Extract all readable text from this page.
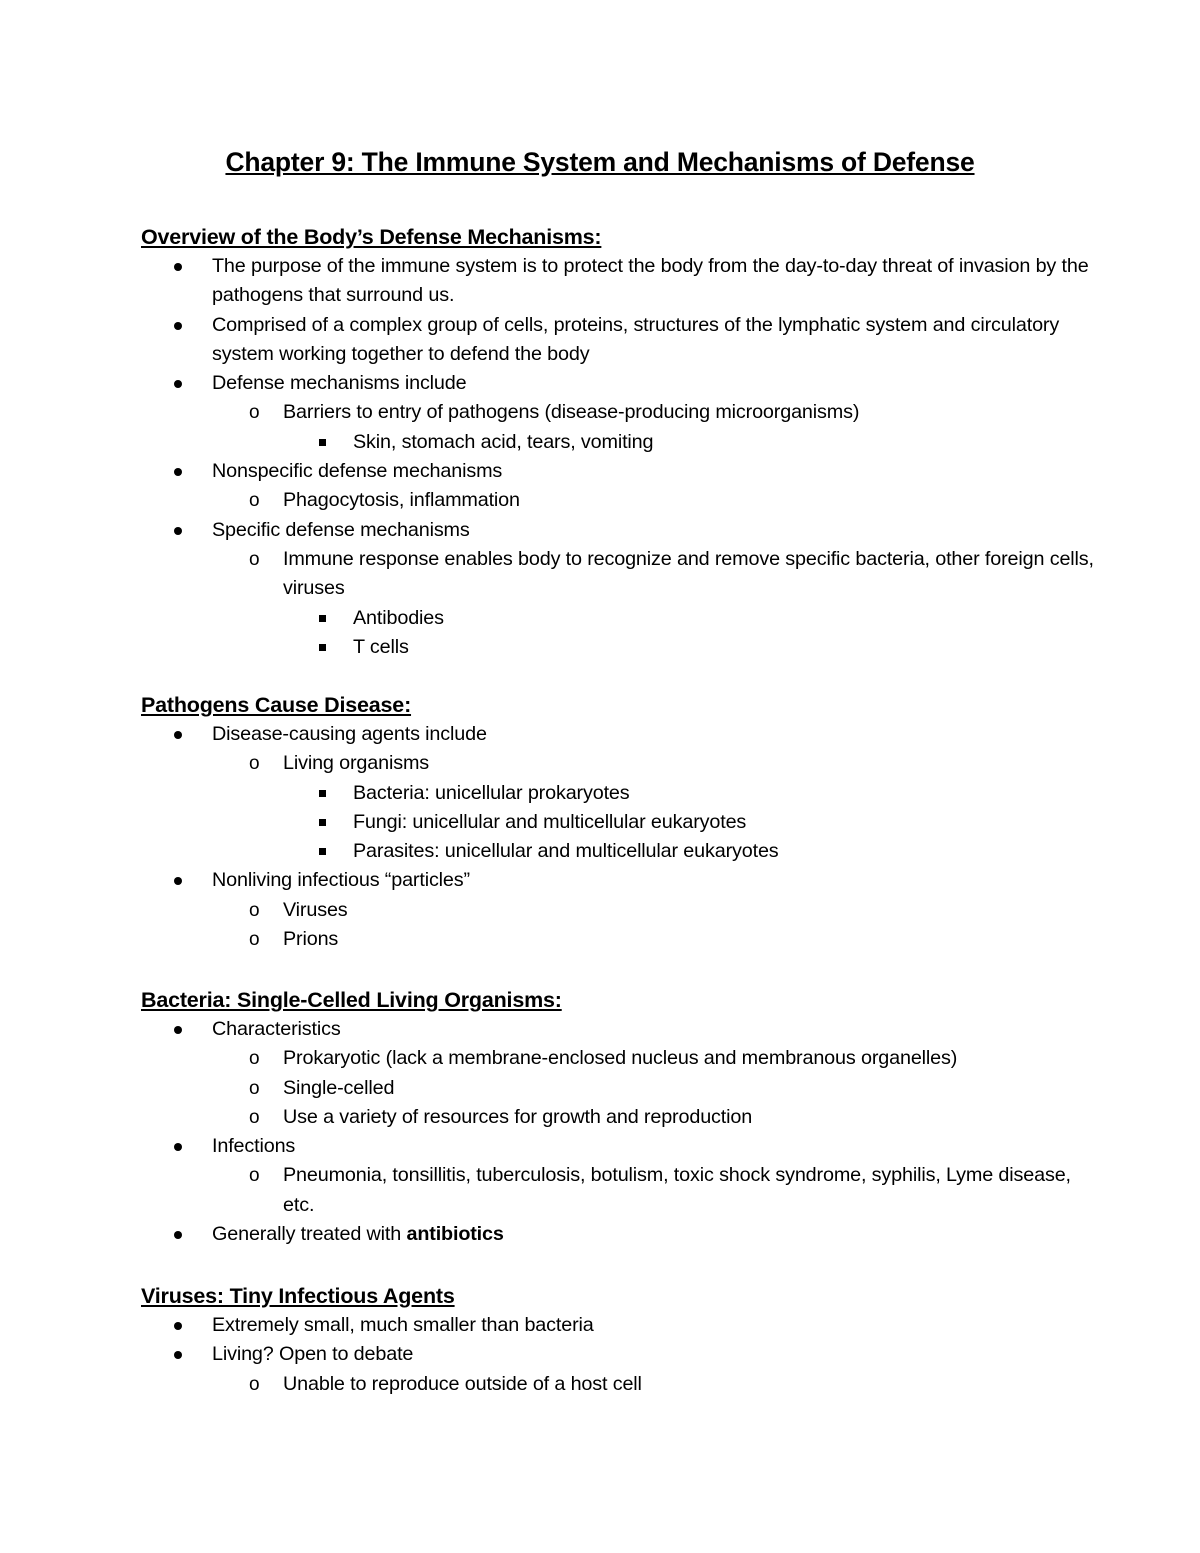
Chapter 9: The Immune System and Mechanisms of Defense
Overview of the Body’s Defense Mechanisms:
The purpose of the immune system is to protect the body from the day-to-day threat of invasion by the pathogens that surround us.
Comprised of a complex group of cells, proteins, structures of the lymphatic system and circulatory system working together to defend the body
Defense mechanisms include
o Barriers to entry of pathogens (disease-producing microorganisms)
Skin, stomach acid, tears, vomiting
Nonspecific defense mechanisms
o Phagocytosis, inflammation
Specific defense mechanisms
o Immune response enables body to recognize and remove specific bacteria, other foreign cells, viruses
Antibodies
T cells
Pathogens Cause Disease:
Disease-causing agents include
o Living organisms
Bacteria: unicellular prokaryotes
Fungi: unicellular and multicellular eukaryotes
Parasites: unicellular and multicellular eukaryotes
Nonliving infectious “particles”
o Viruses
o Prions
Bacteria: Single-Celled Living Organisms:
Characteristics
o Prokaryotic (lack a membrane-enclosed nucleus and membranous organelles)
o Single-celled
o Use a variety of resources for growth and reproduction
Infections
o Pneumonia, tonsillitis, tuberculosis, botulism, toxic shock syndrome, syphilis, Lyme disease, etc.
Generally treated with antibiotics
Viruses: Tiny Infectious Agents
Extremely small, much smaller than bacteria
Living? Open to debate
o Unable to reproduce outside of a host cell
